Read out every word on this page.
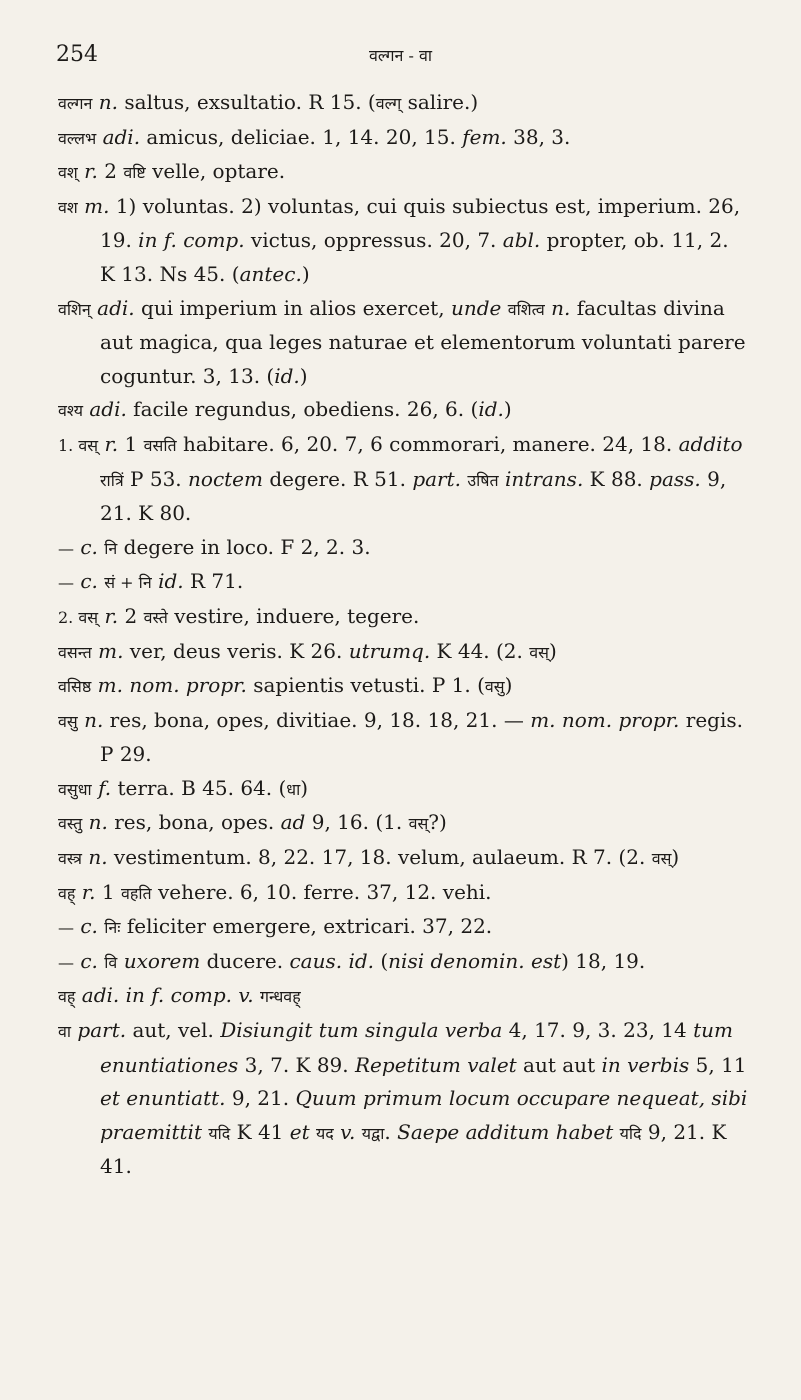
254	वल्गन - वा

वल्गन n. saltus, exsultatio. R 15. (वल्ग् salire.)

वल्लभ adi. amicus, deliciae. 1, 14. 20, 15. fem. 38, 3.

वश् r. 2 वष्टि velle, optare.

वश m. 1) voluntas. 2) voluntas, cui quis subiectus est, imperium. 26, 19. in f. comp. victus, oppressus. 20, 7. abl. propter, ob. 11, 2. K 13. Ns 45. (antec.)

वशिन् adi. qui imperium in alios exercet, unde वशित्व n. facultas divina aut magica, qua leges naturae et elementorum voluntati parere coguntur. 3, 13. (id.)

वश्य adi. facile regundus, obediens. 26, 6. (id.)

1. वस् r. 1 वसति habitare. 6, 20. 7, 6 commorari, manere. 24, 18. addito रात्रिं P 53. noctem degere. R 51. part. उषित intrans. K 88. pass. 9, 21. K 80.

— c. नि degere in loco. F 2, 2. 3.

— c. सं + नि id. R 71.

2. वस् r. 2 वस्ते vestire, induere, tegere.

वसन्त m. ver, deus veris. K 26. utrumq. K 44. (2. वस्)

वसिष्ठ m. nom. propr. sapientis vetusti. P 1. (वसु)

वसु n. res, bona, opes, divitiae. 9, 18. 18, 21. — m. nom. propr. regis. P 29.

वसुधा f. terra. B 45. 64. (धा)

वस्तु n. res, bona, opes. ad 9, 16. (1. वस्?)

वस्त्र n. vestimentum. 8, 22. 17, 18. velum, aulaeum. R 7. (2. वस्)

वह् r. 1 वहति vehere. 6, 10. ferre. 37, 12. vehi.

— c. निः feliciter emergere, extricari. 37, 22.

— c. वि uxorem ducere. caus. id. (nisi denomin. est) 18, 19.

वह् adi. in f. comp. v. गन्धवह्

वा part. aut, vel. Disiungit tum singula verba 4, 17. 9, 3. 23, 14 tum enuntiationes 3, 7. K 89. Repetitum valet aut aut in verbis 5, 11 et enuntiatt. 9, 21. Quum primum locum occupare nequeat, sibi praemittit यदि K 41 et यद v. यद्वा. Saepe additum habet यदि 9, 21. K 41.
